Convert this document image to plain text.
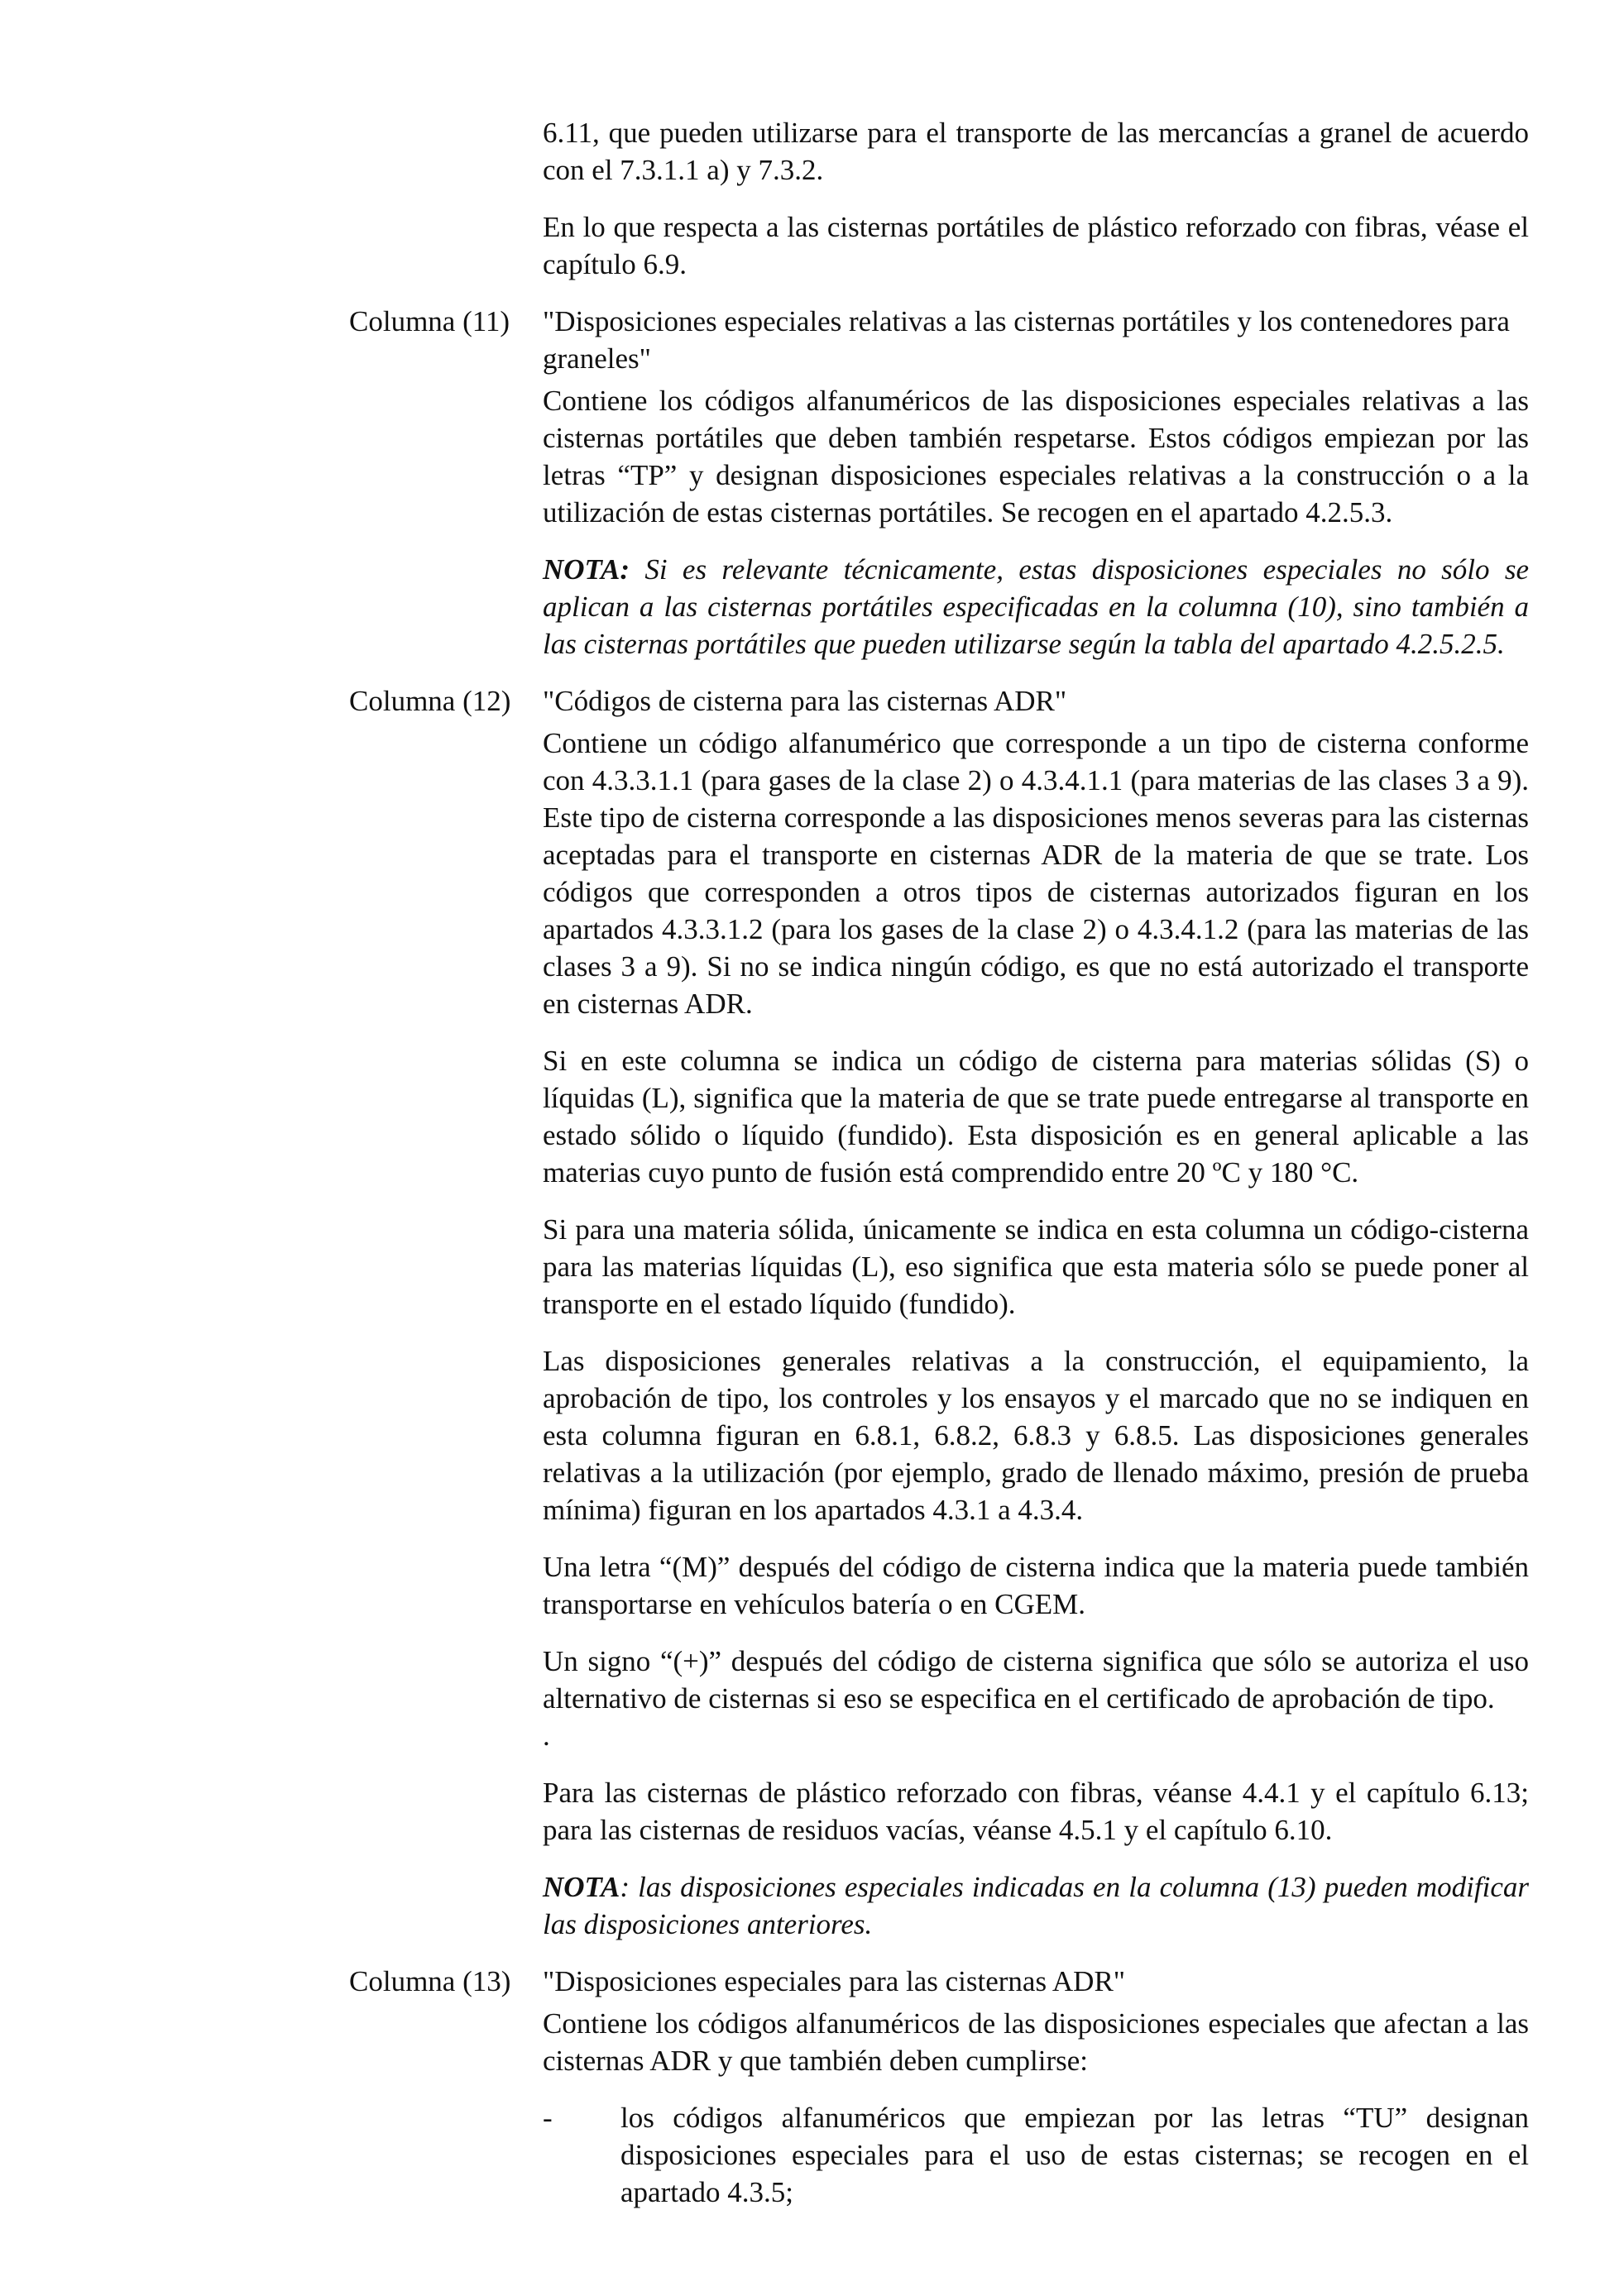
6.11, que pueden utilizarse para el transporte de las mercancías a granel de acuerdo con el 7.3.1.1 a) y 7.3.2.

En lo que respecta a las cisternas portátiles de plástico reforzado con fibras, véase el capítulo 6.9.

Columna (11)	"Disposiciones especiales relativas a las cisternas portátiles y los contenedores para graneles"

Contiene los códigos alfanuméricos de las disposiciones especiales relativas a las cisternas portátiles que deben también respetarse. Estos códigos empiezan por las letras “TP” y designan disposiciones especiales relativas a la construcción o a la utilización de estas cisternas portátiles. Se recogen en el apartado 4.2.5.3.

NOTA: Si es relevante técnicamente, estas disposiciones especiales no sólo se aplican a las cisternas portátiles especificadas en la columna (10), sino también a las cisternas portátiles que pueden utilizarse según la tabla del apartado 4.2.5.2.5.

Columna (12)	"Códigos de cisterna para las cisternas ADR"

Contiene un código alfanumérico que corresponde a un tipo de cisterna conforme con 4.3.3.1.1 (para gases de la clase 2) o 4.3.4.1.1 (para materias de las clases 3 a 9). Este tipo de cisterna corresponde a las disposiciones menos severas para las cisternas aceptadas para el transporte en cisternas ADR de la materia de que se trate. Los códigos que corresponden a otros tipos de cisternas autorizados figuran en los apartados 4.3.3.1.2 (para los gases de la clase 2) o 4.3.4.1.2 (para las materias de las clases 3 a 9). Si no se indica ningún código, es que no está autorizado el transporte en cisternas ADR.

Si en este columna se indica un código de cisterna para materias sólidas (S) o líquidas (L), significa que la materia de que se trate puede entregarse al transporte en estado sólido o líquido (fundido). Esta disposición es en general aplicable a las materias cuyo punto de fusión está comprendido entre 20 ºC y 180 °C.

Si para una materia sólida, únicamente se indica en esta columna un código-cisterna para las materias líquidas (L), eso significa que esta materia sólo se puede poner al transporte en el estado líquido (fundido).

Las disposiciones generales relativas a la construcción, el equipamiento, la aprobación de tipo, los controles y los ensayos y el marcado que no se indiquen en esta columna figuran en 6.8.1, 6.8.2, 6.8.3 y 6.8.5. Las disposiciones generales relativas a la utilización (por ejemplo, grado de llenado máximo, presión de prueba mínima) figuran en los apartados 4.3.1 a 4.3.4.

Una letra “(M)” después del código de cisterna indica que la materia puede también transportarse en vehículos batería o en CGEM.

Un signo “(+)” después del código de cisterna significa que sólo se autoriza el uso alternativo de cisternas si eso se especifica en el certificado de aprobación de tipo.

.

Para las cisternas de plástico reforzado con fibras, véanse 4.4.1 y el capítulo 6.13; para las cisternas de residuos vacías, véanse 4.5.1 y el capítulo 6.10.

NOTA: las disposiciones especiales indicadas en la columna (13) pueden modificar las disposiciones anteriores.

Columna (13)	"Disposiciones especiales para las cisternas ADR"

Contiene los códigos alfanuméricos de las disposiciones especiales que afectan a las cisternas ADR y que también deben cumplirse:

- los códigos alfanuméricos que empiezan por las letras “TU” designan disposiciones especiales para el uso de estas cisternas; se recogen en el apartado 4.3.5;
